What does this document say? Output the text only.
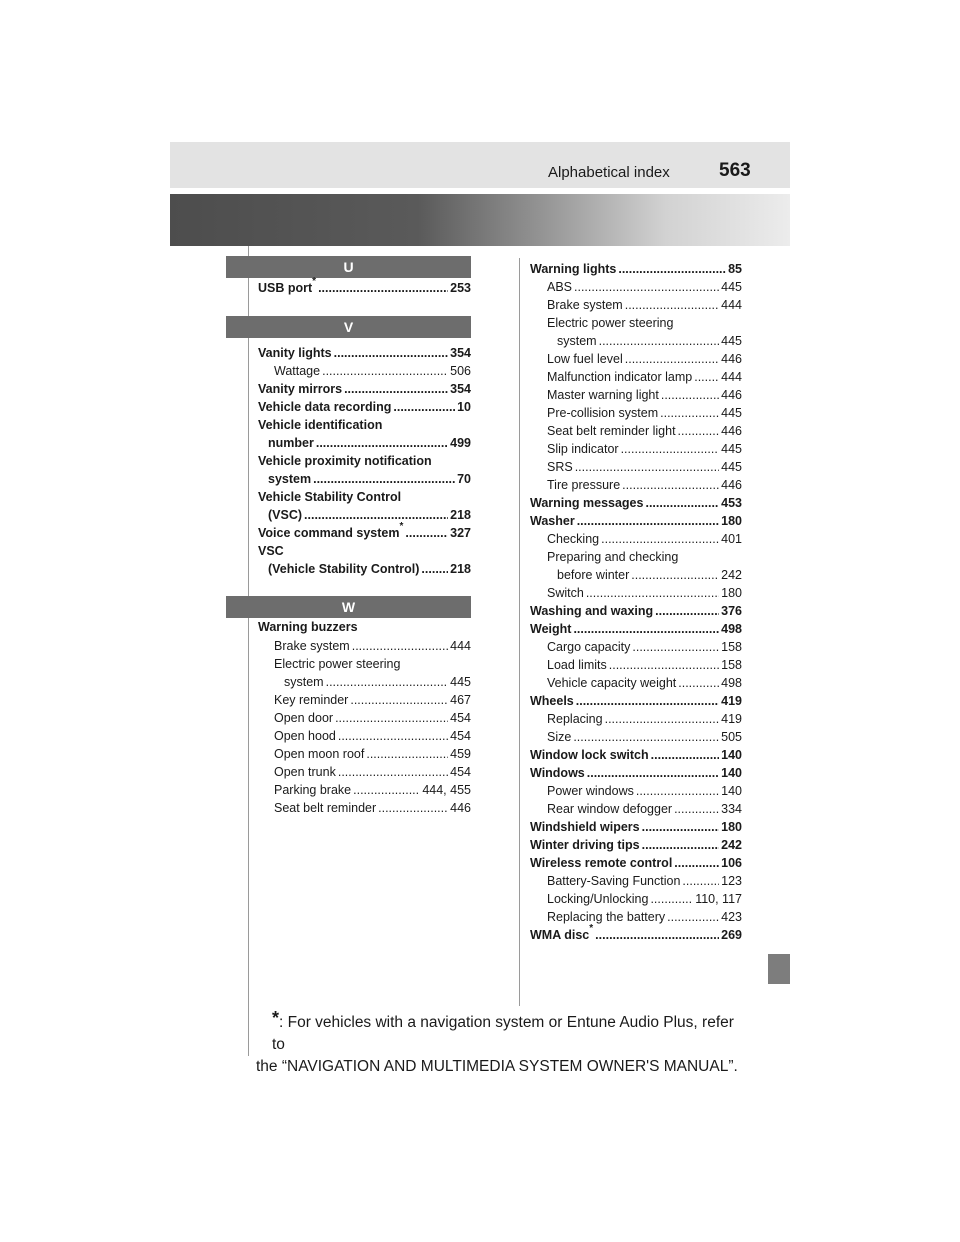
Alphabetical index	563
U
USB port* .....	253
V
Vanity lights .....	354
Wattage .....	506
Vanity mirrors .....	354
Vehicle data recording .....	10
Vehicle identification
number .....	499
Vehicle proximity notification
system .....	70
Vehicle Stability Control
(VSC) .....	218
Voice command system* .....	327
VSC
(Vehicle Stability Control) ..... 218
W
Warning buzzers
Brake system .....	444
Electric power steering
system .....	445
Key reminder .....	467
Open door .....	454
Open hood .....	454
Open moon roof .....	459
Open trunk .....	454
Parking brake .....	444, 455
Seat belt reminder .....	446
Warning lights .....	85
ABS .....	445
Brake system .....	444
Electric power steering
system .....	445
Low fuel level .....	446
Malfunction indicator lamp ..... 444
Master warning light .....	446
Pre-collision system .....	445
Seat belt reminder light .....	446
Slip indicator .....	445
SRS .....	445
Tire pressure .....	446
Warning messages .....	453
Washer .....	180
Checking .....	401
Preparing and checking
before winter .....	242
Switch .....	180
Washing and waxing .....	376
Weight .....	498
Cargo capacity .....	158
Load limits .....	158
Vehicle capacity weight .....	498
Wheels .....	419
Replacing .....	419
Size .....	505
Window lock switch .....	140
Windows .....	140
Power windows .....	140
Rear window defogger .....	334
Windshield wipers .....	180
Winter driving tips .....	242
Wireless remote control .....	106
Battery-Saving Function .....	123
Locking/Unlocking .....	110, 117
Replacing the battery .....	423
WMA disc* .....	269
*: For vehicles with a navigation system or Entune Audio Plus, refer to
the “NAVIGATION AND MULTIMEDIA SYSTEM OWNER'S MANUAL”.
